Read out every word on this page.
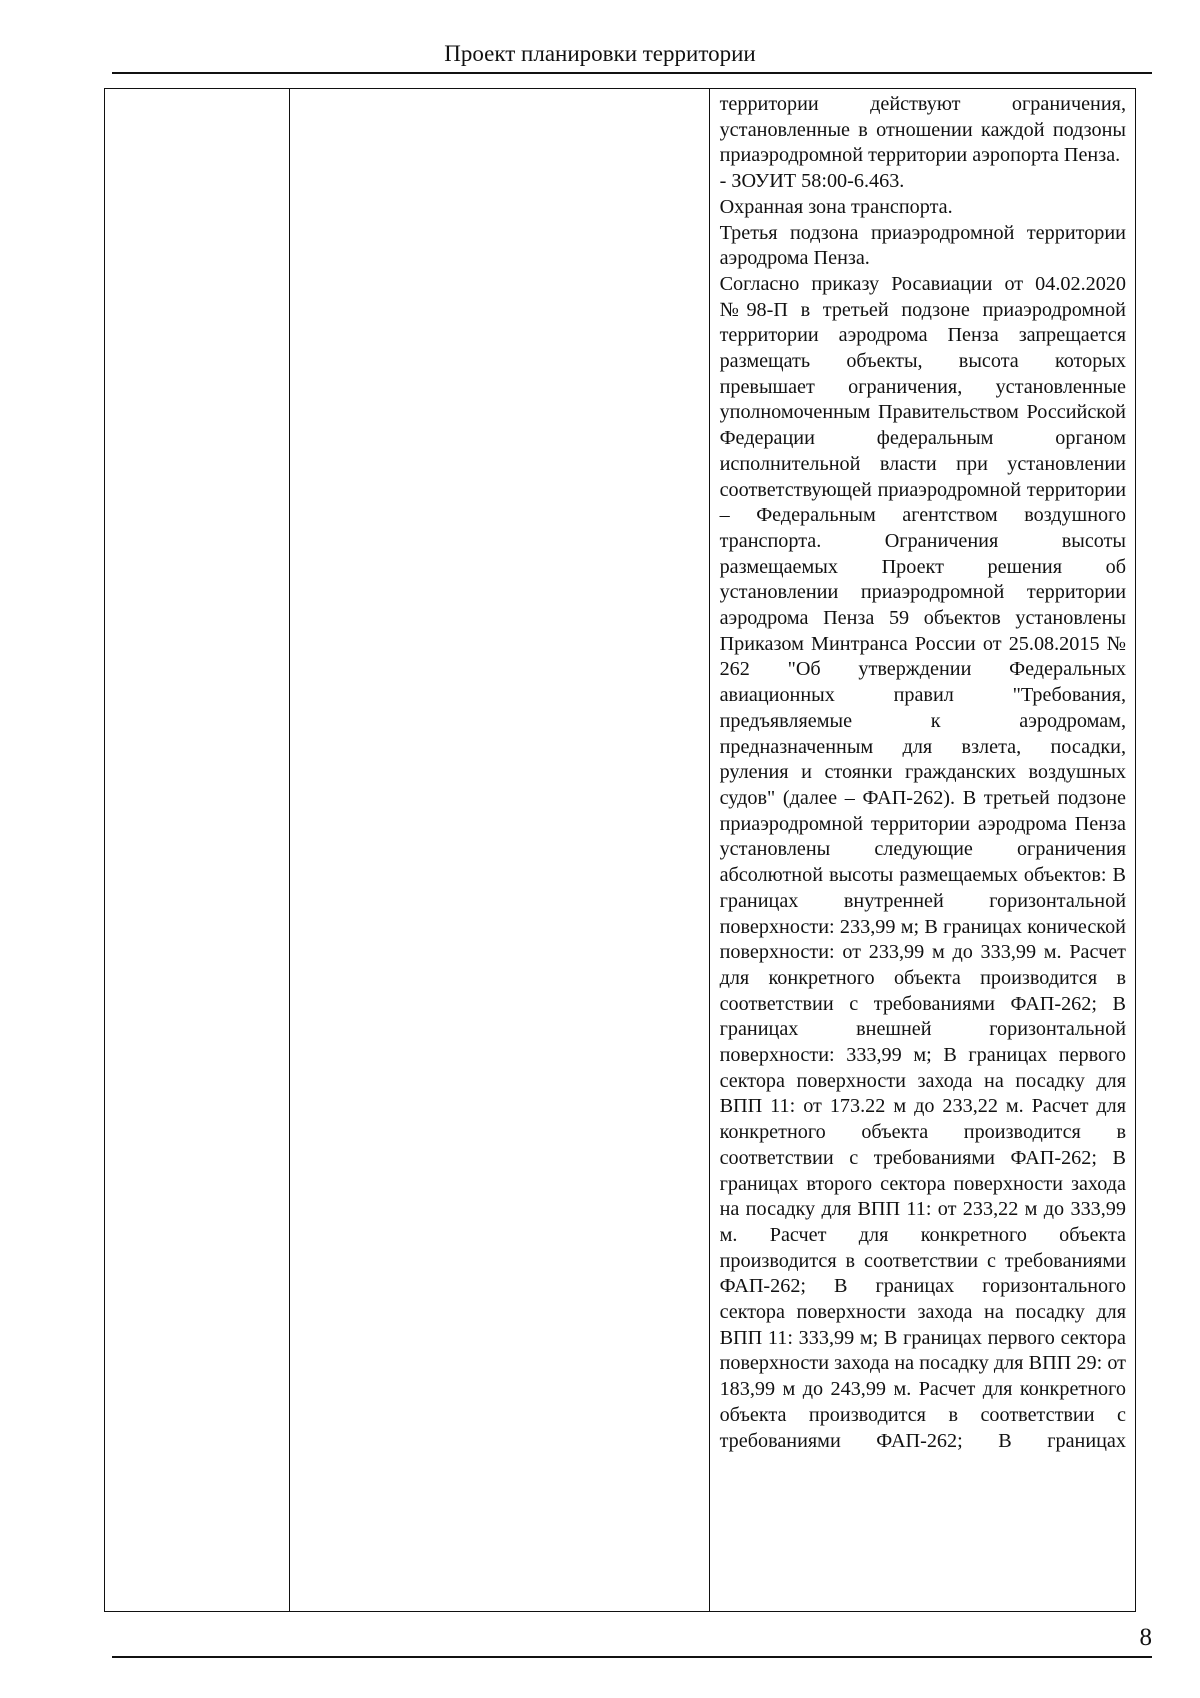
Проект планировки территории

территории действуют ограничения, установленные в отношении каждой подзоны приаэродромной территории аэропорта Пенза.

- ЗОУИТ 58:00-6.463.

Охранная зона транспорта.

Третья подзона приаэродромной территории аэродрома Пенза.

Согласно приказу Росавиации от 04.02.2020 №98-П в третьей подзоне приаэродромной территории аэродрома Пенза запрещается размещать объекты, высота которых превышает ограничения, установленные уполномоченным Правительством Российской Федерации федеральным органом исполнительной власти при установлении соответствующей приаэродромной территории – Федеральным агентством воздушного транспорта. Ограничения высоты размещаемых Проект решения об установлении приаэродромной территории аэродрома Пенза 59 объектов установлены Приказом Минтранса России от 25.08.2015 № 262 "Об утверждении Федеральных авиационных правил "Требования, предъявляемые к аэродромам, предназначенным для взлета, посадки, руления и стоянки гражданских воздушных судов" (далее – ФАП-262). В третьей подзоне приаэродромной территории аэродрома Пенза установлены следующие ограничения абсолютной высоты размещаемых объектов: В границах внутренней горизонтальной поверхности: 233,99 м; В границах конической поверхности: от 233,99 м до 333,99 м. Расчет для конкретного объекта производится в соответствии с требованиями ФАП-262; В границах внешней горизонтальной поверхности: 333,99 м; В границах первого сектора поверхности захода на посадку для ВПП 11: от 173.22 м до 233,22 м. Расчет для конкретного объекта производится в соответствии с требованиями ФАП-262; В границах второго сектора поверхности захода на посадку для ВПП 11: от 233,22 м до 333,99 м. Расчет для конкретного объекта производится в соответствии с требованиями ФАП-262; В границах горизонтального сектора поверхности захода на посадку для ВПП 11: 333,99 м; В границах первого сектора поверхности захода на посадку для ВПП 29: от 183,99 м до 243,99 м. Расчет для конкретного объекта производится в соответствии с требованиями ФАП-262; В границах

8
